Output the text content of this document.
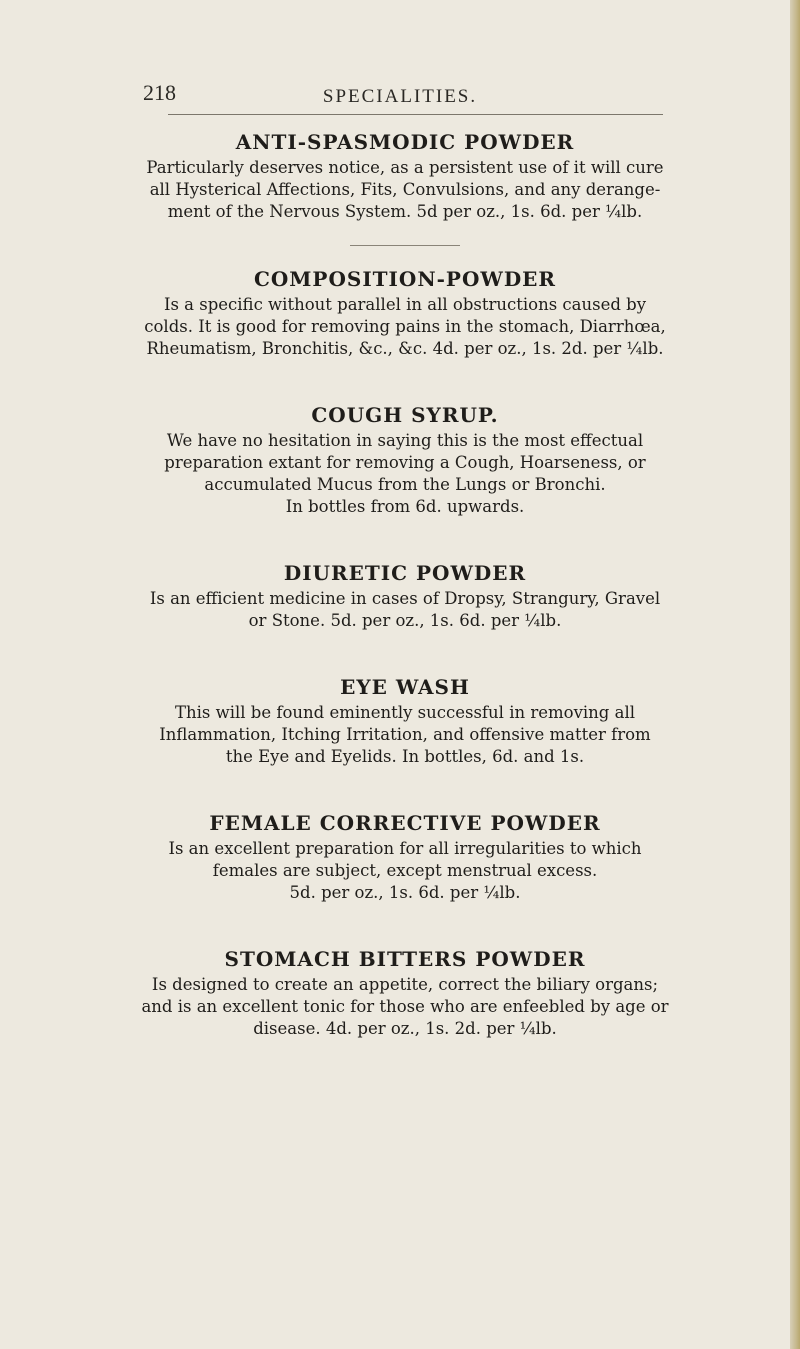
218	SPECIALITIES.
ANTI-SPASMODIC POWDER

Particularly deserves notice, as a persistent use of it will cure
all Hysterical Affections, Fits, Convulsions, and any derange-
ment of the Nervous System. 5d per oz., 1s. 6d. per ¼lb.

COMPOSITION-POWDER

Is a specific without parallel in all obstructions caused by
colds. It is good for removing pains in the stomach, Diarrhœa,
Rheumatism, Bronchitis, &c., &c. 4d. per oz., 1s. 2d. per ¼lb.

COUGH SYRUP.

We have no hesitation in saying this is the most effectual
preparation extant for removing a Cough, Hoarseness, or
accumulated Mucus from the Lungs or Bronchi.
In bottles from 6d. upwards.

DIURETIC POWDER

Is an efficient medicine in cases of Dropsy, Strangury, Gravel
or Stone. 5d. per oz., 1s. 6d. per ¼lb.

EYE WASH

This will be found eminently successful in removing all
Inflammation, Itching Irritation, and offensive matter from
the Eye and Eyelids. In bottles, 6d. and 1s.

FEMALE CORRECTIVE POWDER

Is an excellent preparation for all irregularities to which
females are subject, except menstrual excess.
5d. per oz., 1s. 6d. per ¼lb.

STOMACH BITTERS POWDER

Is designed to create an appetite, correct the biliary organs;
and is an excellent tonic for those who are enfeebled by age or
disease. 4d. per oz., 1s. 2d. per ¼lb.
